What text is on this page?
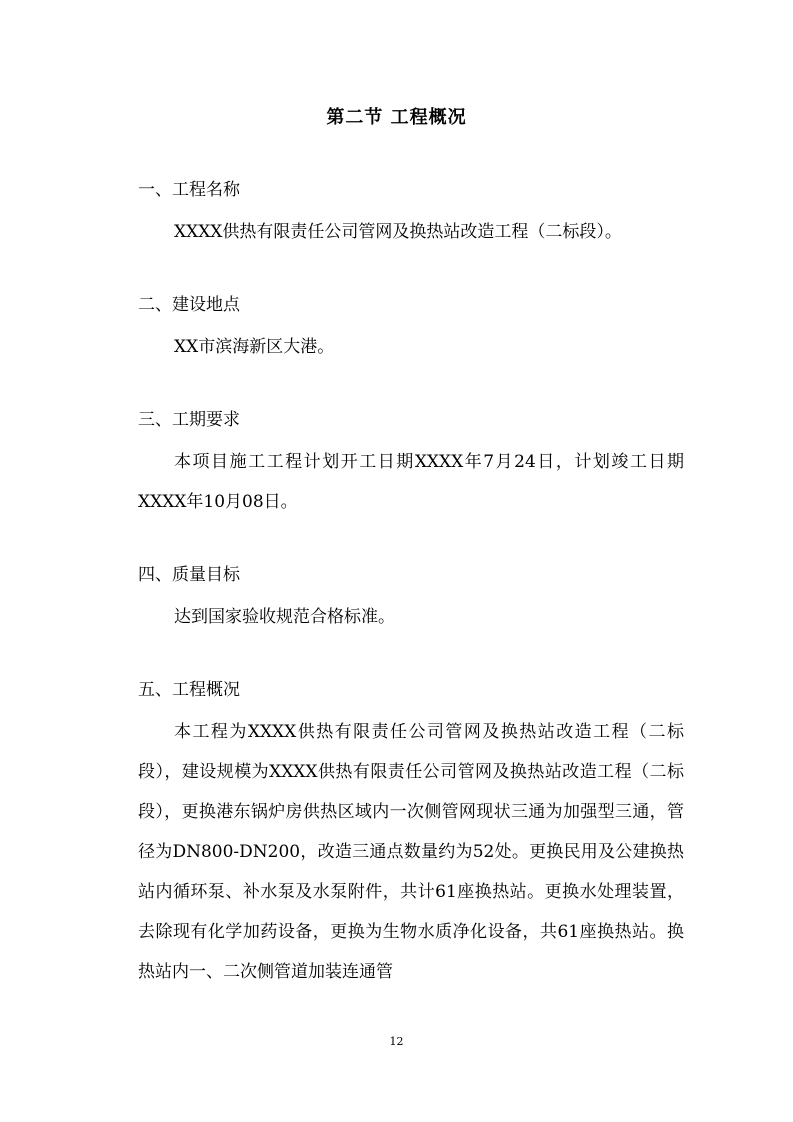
第二节 工程概况
一、工程名称
XXXX供热有限责任公司管网及换热站改造工程（二标段）。
二、建设地点
XX市滨海新区大港。
三、工期要求
本项目施工工程计划开工日期XXXX年7月24日，计划竣工日期XXXX年10月08日。
四、质量目标
达到国家验收规范合格标准。
五、工程概况
本工程为XXXX供热有限责任公司管网及换热站改造工程（二标段），建设规模为XXXX供热有限责任公司管网及换热站改造工程（二标段），更换港东锅炉房供热区域内一次侧管网现状三通为加强型三通，管径为DN800-DN200，改造三通点数量约为52处。更换民用及公建换热站内循环泵、补水泵及水泵附件，共计61座换热站。更换水处理装置，去除现有化学加药设备，更换为生物水质净化设备，共61座换热站。换热站内一、二次侧管道加装连通管
12
